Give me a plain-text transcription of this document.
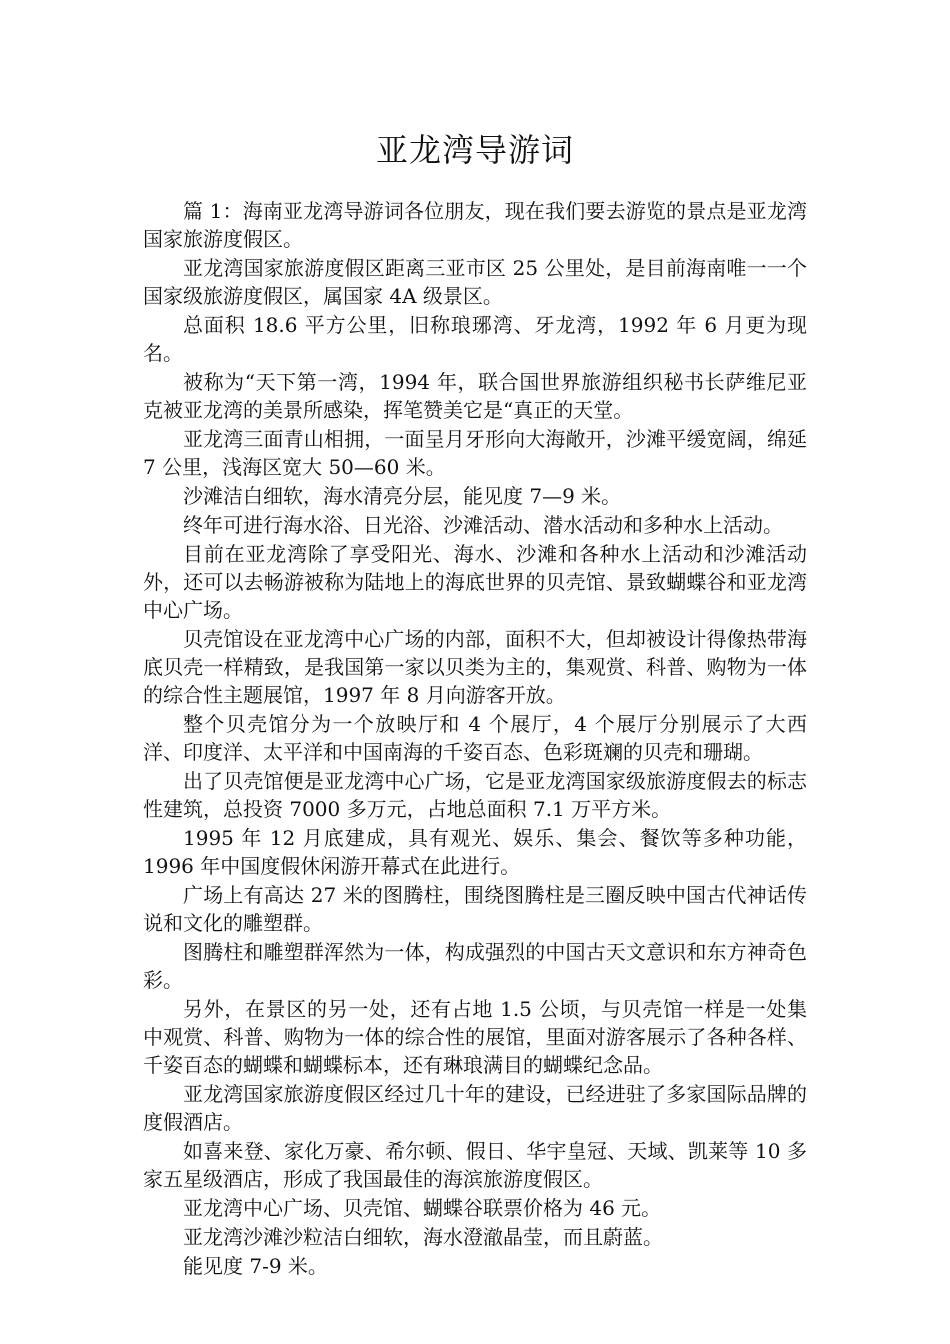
亚龙湾导游词

篇 1：海南亚龙湾导游词各位朋友，现在我们要去游览的景点是亚龙湾国家旅游度假区。

亚龙湾国家旅游度假区距离三亚市区 25 公里处，是目前海南唯一一个国家级旅游度假区，属国家 4A 级景区。

总面积 18.6 平方公里，旧称琅琊湾、牙龙湾，1992 年 6 月更为现名。

被称为“天下第一湾，1994 年，联合国世界旅游组织秘书长萨维尼亚克被亚龙湾的美景所感染，挥笔赞美它是“真正的天堂。

亚龙湾三面青山相拥，一面呈月牙形向大海敞开，沙滩平缓宽阔，绵延 7 公里，浅海区宽大 50—60 米。

沙滩洁白细软，海水清亮分层，能见度 7—9 米。

终年可进行海水浴、日光浴、沙滩活动、潜水活动和多种水上活动。

目前在亚龙湾除了享受阳光、海水、沙滩和各种水上活动和沙滩活动外，还可以去畅游被称为陆地上的海底世界的贝壳馆、景致蝴蝶谷和亚龙湾中心广场。

贝壳馆设在亚龙湾中心广场的内部，面积不大，但却被设计得像热带海底贝壳一样精致，是我国第一家以贝类为主的，集观赏、科普、购物为一体的综合性主题展馆，1997 年 8 月向游客开放。

整个贝壳馆分为一个放映厅和 4 个展厅，4 个展厅分别展示了大西洋、印度洋、太平洋和中国南海的千姿百态、色彩斑斓的贝壳和珊瑚。

出了贝壳馆便是亚龙湾中心广场，它是亚龙湾国家级旅游度假去的标志性建筑，总投资 7000 多万元，占地总面积 7.1 万平方米。

1995 年 12 月底建成，具有观光、娱乐、集会、餐饮等多种功能，1996 年中国度假休闲游开幕式在此进行。

广场上有高达 27 米的图腾柱，围绕图腾柱是三圈反映中国古代神话传说和文化的雕塑群。

图腾柱和雕塑群浑然为一体，构成强烈的中国古天文意识和东方神奇色彩。

另外，在景区的另一处，还有占地 1.5 公顷，与贝壳馆一样是一处集中观赏、科普、购物为一体的综合性的展馆，里面对游客展示了各种各样、千姿百态的蝴蝶和蝴蝶标本，还有琳琅满目的蝴蝶纪念品。

亚龙湾国家旅游度假区经过几十年的建设，已经进驻了多家国际品牌的度假酒店。

如喜来登、家化万豪、希尔顿、假日、华宇皇冠、天域、凯莱等 10 多家五星级酒店，形成了我国最佳的海滨旅游度假区。

亚龙湾中心广场、贝壳馆、蝴蝶谷联票价格为 46 元。

亚龙湾沙滩沙粒洁白细软，海水澄澈晶莹，而且蔚蓝。

能见度 7-9 米。
